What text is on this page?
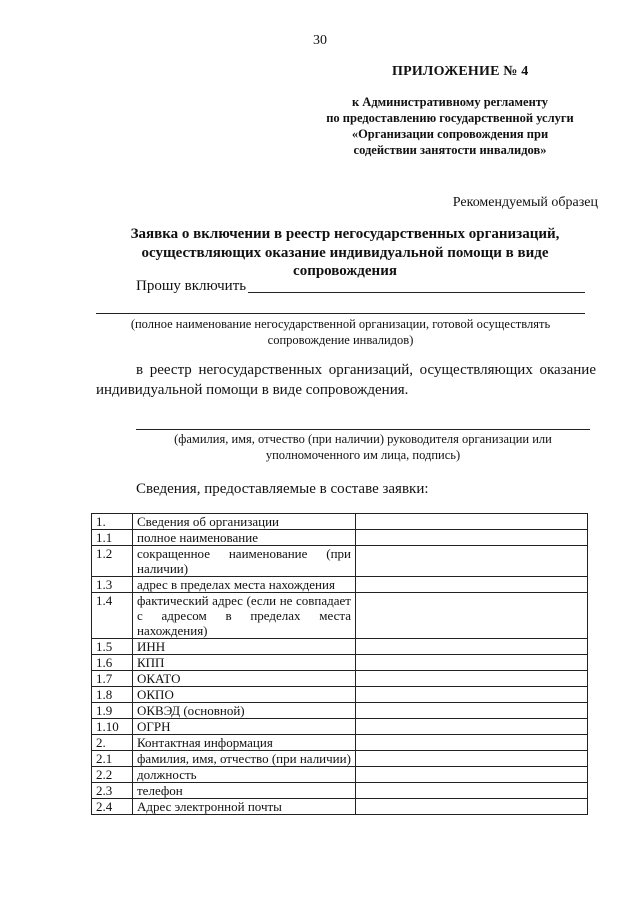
30
ПРИЛОЖЕНИЕ № 4
к Административному регламенту
по предоставлению государственной услуги
«Организации сопровождения при
содействии занятости инвалидов»
Рекомендуемый образец
Заявка о включении в реестр негосударственных организаций,
осуществляющих оказание индивидуальной помощи в виде
сопровождения
Прошу включить
(полное наименование негосударственной организации, готовой осуществлять
сопровождение инвалидов)
в реестр негосударственных организаций, осуществляющих оказание
индивидуальной помощи в виде сопровождения.
(фамилия, имя, отчество (при наличии) руководителя организации или
уполномоченного им лица, подпись)
Сведения, предоставляемые в составе заявки:
1.	Сведения об организации	
1.1	полное наименование	
1.2	сокращенное наименование (при наличии)	
1.3	адрес в пределах места нахождения	
1.4	фактический адрес (если не совпадает с адресом в пределах места нахождения)	
1.5	ИНН	
1.6	КПП	
1.7	ОКАТО	
1.8	ОКПО	
1.9	ОКВЭД (основной)	
1.10	ОГРН	
2.	Контактная информация	
2.1	фамилия, имя, отчество (при наличии)	
2.2	должность	
2.3	телефон	
2.4	Адрес электронной почты	
